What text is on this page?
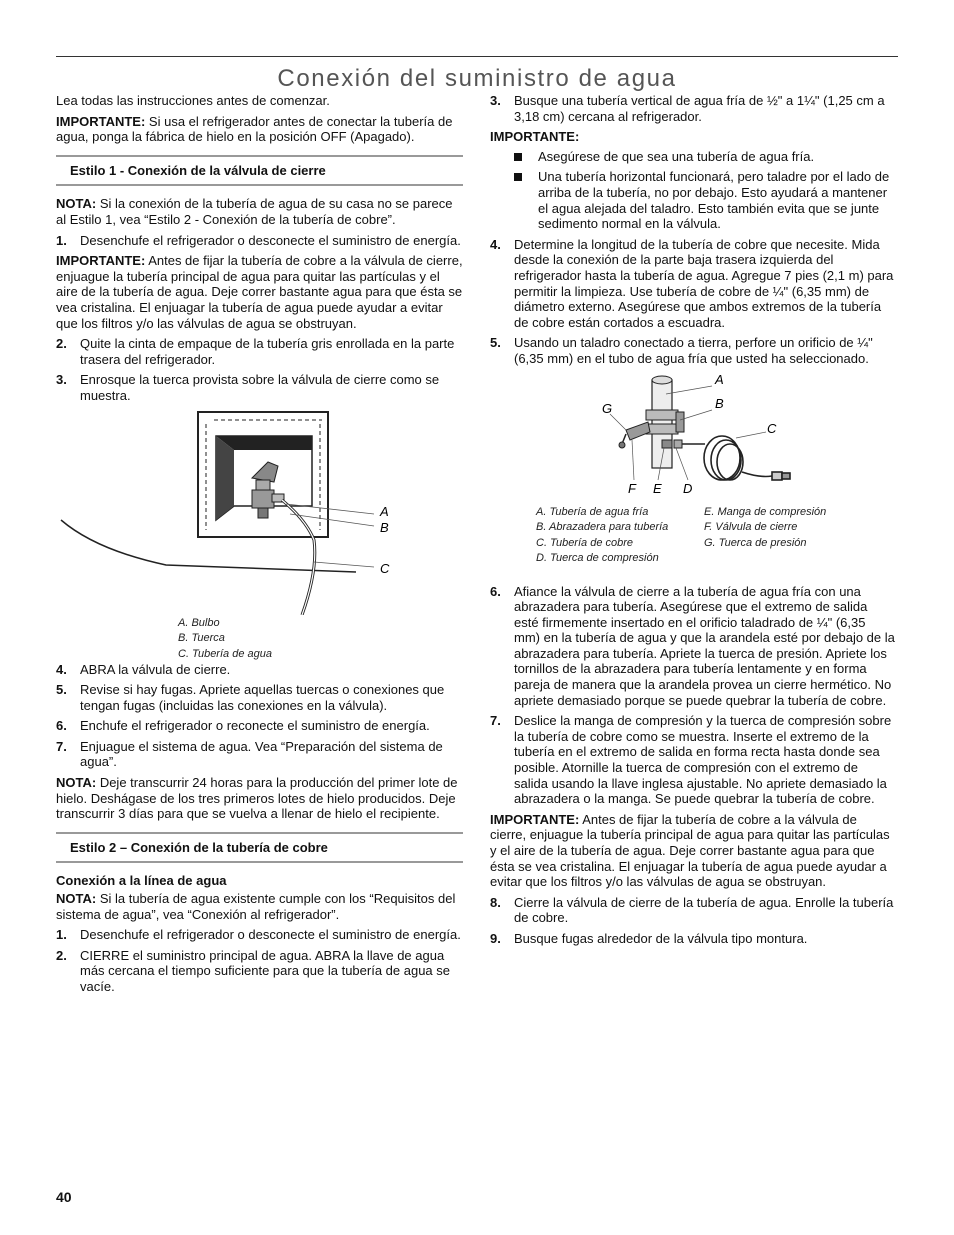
Conexión del suministro de agua

Lea todas las instrucciones antes de comenzar.

IMPORTANTE: Si usa el refrigerador antes de conectar la tubería de agua, ponga la fábrica de hielo en la posición OFF (Apagado).

Estilo 1 - Conexión de la válvula de cierre

NOTA: Si la conexión de la tubería de agua de su casa no se parece al Estilo 1, vea “Estilo 2 - Conexión de la tubería de cobre”.

1. Desenchufe el refrigerador o desconecte el suministro de energía.

IMPORTANTE: Antes de fijar la tubería de cobre a la válvula de cierre, enjuague la tubería principal de agua para quitar las partículas y el aire de la tubería de agua. Deje correr bastante agua para que ésta se vea cristalina. El enjuagar la tubería de agua puede ayudar a evitar que los filtros y/o las válvulas de agua se obstruyan.

2. Quite la cinta de empaque de la tubería gris enrollada en la parte trasera del refrigerador.
3. Enrosque la tuerca provista sobre la válvula de cierre como se muestra.
A
B
C
A. Bulbo
B. Tuerca
C. Tubería de agua
4. ABRA la válvula de cierre.
5. Revise si hay fugas. Apriete aquellas tuercas o conexiones que tengan fugas (incluidas las conexiones en la válvula).
6. Enchufe el refrigerador o reconecte el suministro de energía.
7. Enjuague el sistema de agua. Vea “Preparación del sistema de agua”.

NOTA: Deje transcurrir 24 horas para la producción del primer lote de hielo. Deshágase de los tres primeros lotes de hielo producidos. Deje transcurrir 3 días para que se vuelva a llenar de hielo el recipiente.

Estilo 2 – Conexión de la tubería de cobre
Conexión a la línea de agua

NOTA: Si la tubería de agua existente cumple con los “Requisitos del sistema de agua”, vea “Conexión al refrigerador”.

1. Desenchufe el refrigerador o desconecte el suministro de energía.
2. CIERRE el suministro principal de agua. ABRA la llave de agua más cercana el tiempo suficiente para que la tubería de agua se vacíe.
3. Busque una tubería vertical de agua fría de ½" a 1¼" (1,25 cm a 3,18 cm) cercana al refrigerador.

IMPORTANTE:

Asegúrese de que sea una tubería de agua fría.
Una tubería horizontal funcionará, pero taladre por el lado de arriba de la tubería, no por debajo. Esto ayudará a mantener el agua alejada del taladro. Esto también evita que se junte sedimento normal en la válvula.
4. Determine la longitud de la tubería de cobre que necesite. Mida desde la conexión de la parte baja trasera izquierda del refrigerador hasta la tubería de agua. Agregue 7 pies (2,1 m) para permitir la limpieza. Use tubería de cobre de ¼" (6,35 mm) de diámetro externo. Asegúrese que ambos extremos de la tubería de cobre están cortados a escuadra.
5. Usando un taladro conectado a tierra, perfore un orificio de ¼" (6,35 mm) en el tubo de agua fría que usted ha seleccionado.
A
B
C
D
E
F
G
A. Tubería de agua fría
B. Abrazadera para tubería
C. Tubería de cobre
D. Tuerca de compresión
E. Manga de compresión
F. Válvula de cierre
G. Tuerca de presión
6. Afiance la válvula de cierre a la tubería de agua fría con una abrazadera para tubería. Asegúrese que el extremo de salida esté firmemente insertado en el orificio taladrado de ¼" (6,35 mm) en la tubería de agua y que la arandela esté por debajo de la abrazadera para tubería. Apriete la tuerca de presión. Apriete los tornillos de la abrazadera para tubería lentamente y en forma pareja de manera que la arandela provea un cierre hermético. No apriete demasiado porque se puede quebrar la tubería de cobre.
7. Deslice la manga de compresión y la tuerca de compresión sobre la tubería de cobre como se muestra. Inserte el extremo de la tubería en el extremo de salida en forma recta hasta donde sea posible. Atornille la tuerca de compresión con el extremo de salida usando la llave inglesa ajustable. No apriete demasiado la abrazadera o la manga. Se puede quebrar la tubería de cobre.

IMPORTANTE: Antes de fijar la tubería de cobre a la válvula de cierre, enjuague la tubería principal de agua para quitar las partículas y el aire de la tubería de agua. Deje correr bastante agua para que ésta se vea cristalina. El enjuagar la tubería de agua puede ayudar a evitar que los filtros y/o las válvulas de agua se obstruyan.

8. Cierre la válvula de cierre de la tubería de agua. Enrolle la tubería de cobre.
9. Busque fugas alrededor de la válvula tipo montura.
40
